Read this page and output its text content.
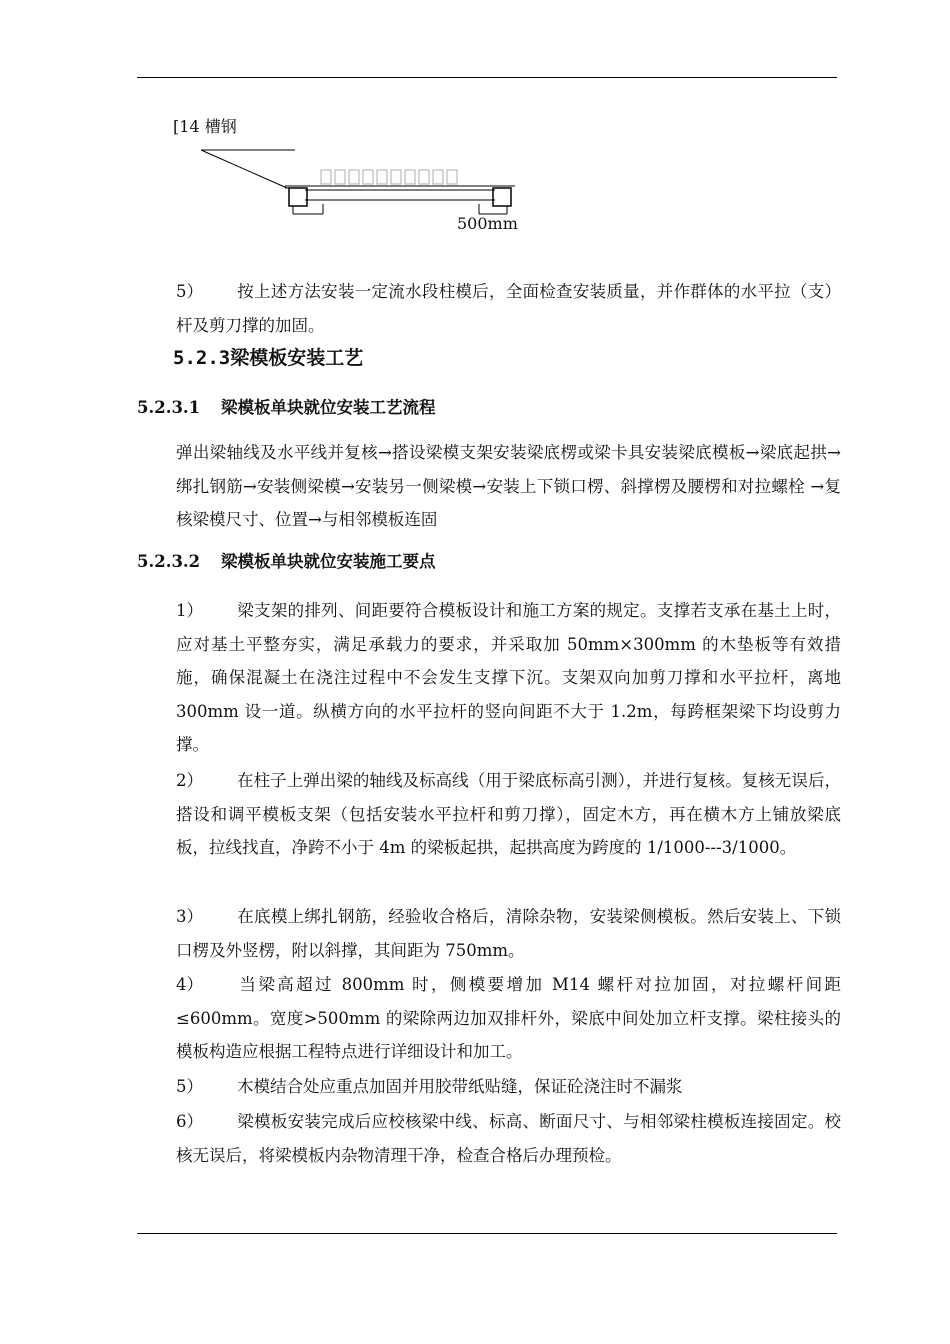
[14 槽钢
500mm

5） 按上述方法安装一定流水段柱模后，全面检查安装质量，并作群体的水平拉（支）杆及剪刀撑的加固。

5.2.3梁模板安装工艺
5.2.3.1 梁模板单块就位安装工艺流程

弹出梁轴线及水平线并复核→搭设梁模支架安装梁底楞或梁卡具安装梁底模板→梁底起拱→绑扎钢筋→安装侧梁模→安装另一侧梁模→安装上下锁口楞、斜撑楞及腰楞和对拉螺栓 →复核梁模尺寸、位置→与相邻模板连固

5.2.3.2 梁模板单块就位安装施工要点

1） 梁支架的排列、间距要符合模板设计和施工方案的规定。支撑若支承在基土上时，应对基土平整夯实，满足承载力的要求，并采取加 50mm×300mm 的木垫板等有效措施，确保混凝土在浇注过程中不会发生支撑下沉。支架双向加剪刀撑和水平拉杆，离地 300mm 设一道。纵横方向的水平拉杆的竖向间距不大于 1.2m，每跨框架梁下均设剪力撑。

2） 在柱子上弹出梁的轴线及标高线（用于梁底标高引测），并进行复核。复核无误后，搭设和调平模板支架（包括安装水平拉杆和剪刀撑），固定木方，再在横木方上铺放梁底板，拉线找直，净跨不小于 4m 的梁板起拱，起拱高度为跨度的 1/1000---3/1000。

3） 在底模上绑扎钢筋，经验收合格后，清除杂物，安装梁侧模板。然后安装上、下锁口楞及外竖楞，附以斜撑，其间距为 750mm。

4） 当梁高超过 800mm 时，侧模要增加 M14 螺杆对拉加固，对拉螺杆间距≤600mm。宽度>500mm 的梁除两边加双排杆外，梁底中间处加立杆支撑。梁柱接头的模板构造应根据工程特点进行详细设计和加工。

5） 木模结合处应重点加固并用胶带纸贴缝，保证砼浇注时不漏浆

6） 梁模板安装完成后应校核梁中线、标高、断面尺寸、与相邻梁柱模板连接固定。校核无误后，将梁模板内杂物清理干净，检查合格后办理预检。
